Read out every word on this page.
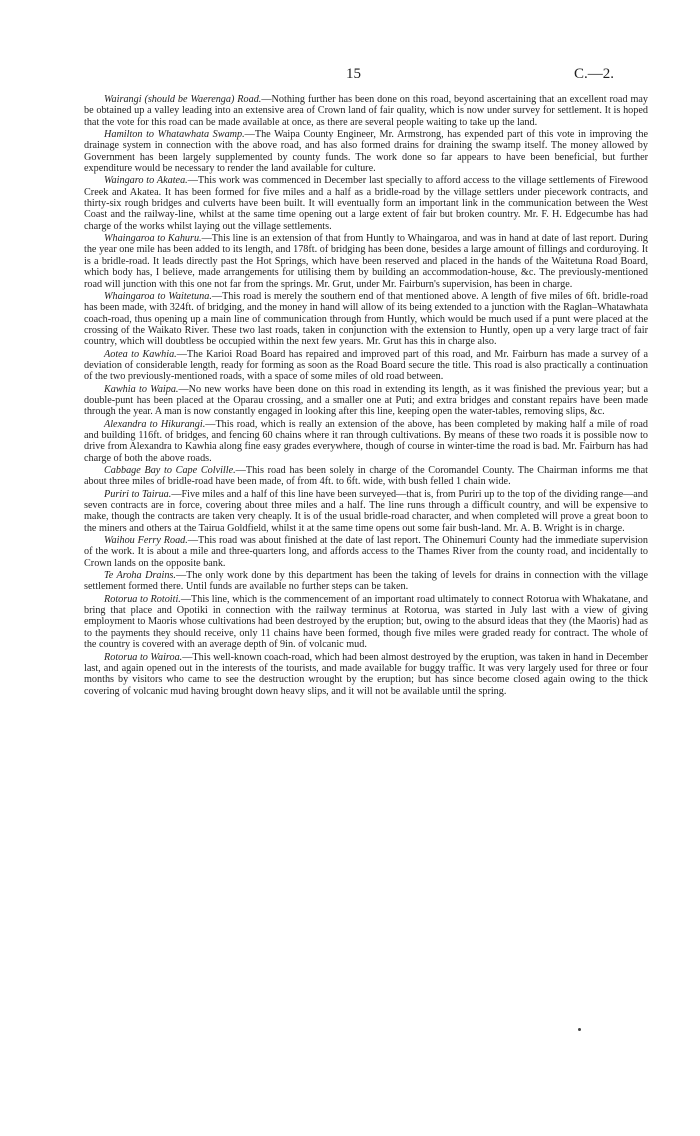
15	C.—2.

Wairangi (should be Waerenga) Road.—Nothing further has been done on this road, beyond ascertaining that an excellent road may be obtained up a valley leading into an extensive area of Crown land of fair quality, which is now under survey for settlement. It is hoped that the vote for this road can be made available at once, as there are several people waiting to take up the land.

Hamilton to Whatawhata Swamp.—The Waipa County Engineer, Mr. Armstrong, has expended part of this vote in improving the drainage system in connection with the above road, and has also formed drains for draining the swamp itself. The money allowed by Government has been largely supplemented by county funds. The work done so far appears to have been beneficial, but further expenditure would be necessary to render the land available for culture.

Waingaro to Akatea.—This work was commenced in December last specially to afford access to the village settlements of Firewood Creek and Akatea. It has been formed for five miles and a half as a bridle-road by the village settlers under piecework contracts, and thirty-six rough bridges and culverts have been built. It will eventually form an important link in the communication between the West Coast and the railway-line, whilst at the same time opening out a large extent of fair but broken country. Mr. F. H. Edgecumbe has had charge of the works whilst laying out the village settlements.

Whaingaroa to Kahuru.—This line is an extension of that from Huntly to Whaingaroa, and was in hand at date of last report. During the year one mile has been added to its length, and 178ft. of bridging has been done, besides a large amount of fillings and corduroying. It is a bridle-road. It leads directly past the Hot Springs, which have been reserved and placed in the hands of the Waitetuna Road Board, which body has, I believe, made arrangements for utilising them by building an accommodation-house, &c. The previously-mentioned road will junction with this one not far from the springs. Mr. Grut, under Mr. Fairburn's supervision, has been in charge.

Whaingaroa to Waitetuna.—This road is merely the southern end of that mentioned above. A length of five miles of 6ft. bridle-road has been made, with 324ft. of bridging, and the money in hand will allow of its being extended to a junction with the Raglan–Whatawhata coach-road, thus opening up a main line of communication through from Huntly, which would be much used if a punt were placed at the crossing of the Waikato River. These two last roads, taken in conjunction with the extension to Huntly, open up a very large tract of fair country, which will doubtless be occupied within the next few years. Mr. Grut has this in charge also.

Aotea to Kawhia.—The Karioi Road Board has repaired and improved part of this road, and Mr. Fairburn has made a survey of a deviation of considerable length, ready for forming as soon as the Road Board secure the title. This road is also practically a continuation of the two previously-mentioned roads, with a space of some miles of old road between.

Kawhia to Waipa.—No new works have been done on this road in extending its length, as it was finished the previous year; but a double-punt has been placed at the Oparau crossing, and a smaller one at Puti; and extra bridges and constant repairs have been made through the year. A man is now constantly engaged in looking after this line, keeping open the water-tables, removing slips, &c.

Alexandra to Hikurangi.—This road, which is really an extension of the above, has been completed by making half a mile of road and building 116ft. of bridges, and fencing 60 chains where it ran through cultivations. By means of these two roads it is possible now to drive from Alexandra to Kawhia along fine easy grades everywhere, though of course in winter-time the road is bad. Mr. Fairburn has had charge of both the above roads.

Cabbage Bay to Cape Colville.—This road has been solely in charge of the Coromandel County. The Chairman informs me that about three miles of bridle-road have been made, of from 4ft. to 6ft. wide, with bush felled 1 chain wide.

Puriri to Tairua.—Five miles and a half of this line have been surveyed—that is, from Puriri up to the top of the dividing range—and seven contracts are in force, covering about three miles and a half. The line runs through a difficult country, and will be expensive to make, though the contracts are taken very cheaply. It is of the usual bridle-road character, and when completed will prove a great boon to the miners and others at the Tairua Goldfield, whilst it at the same time opens out some fair bush-land. Mr. A. B. Wright is in charge.

Waihou Ferry Road.—This road was about finished at the date of last report. The Ohinemuri County had the immediate supervision of the work. It is about a mile and three-quarters long, and affords access to the Thames River from the county road, and incidentally to Crown lands on the opposite bank.

Te Aroha Drains.—The only work done by this department has been the taking of levels for drains in connection with the village settlement formed there. Until funds are available no further steps can be taken.

Rotorua to Rotoiti.—This line, which is the commencement of an important road ultimately to connect Rotorua with Whakatane, and bring that place and Opotiki in connection with the railway terminus at Rotorua, was started in July last with a view of giving employment to Maoris whose cultivations had been destroyed by the eruption; but, owing to the absurd ideas that they (the Maoris) had as to the payments they should receive, only 11 chains have been formed, though five miles were graded ready for contract. The whole of the country is covered with an average depth of 9in. of volcanic mud.

Rotorua to Wairoa.—This well-known coach-road, which had been almost destroyed by the eruption, was taken in hand in December last, and again opened out in the interests of the tourists, and made available for buggy traffic. It was very largely used for three or four months by visitors who came to see the destruction wrought by the eruption; but has since become closed again owing to the thick covering of volcanic mud having brought down heavy slips, and it will not be available until the spring.
